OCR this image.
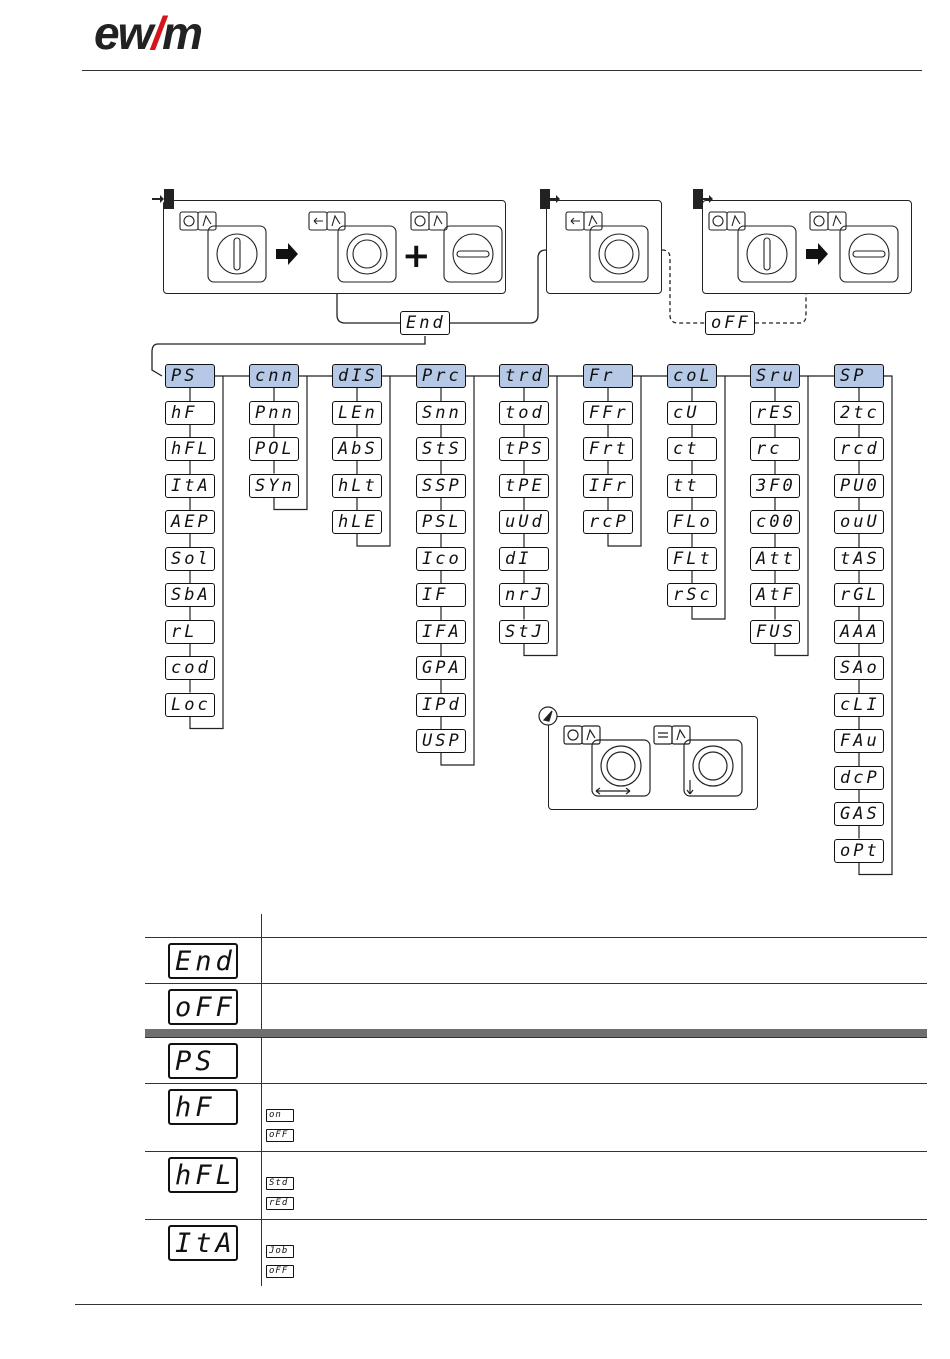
ew/m
+
End	oFF
PS
hF
hFL
ItA
AEP
Sol
SbA
rL
cod
Loc
cnn
Pnn
POL
SYn
dIS
LEn
AbS
hLt
hLE
Prc
Snn
StS
SSP
PSL
Ico
IF
IFA
GPA
IPd
USP
trd
tod
tPS
tPE
uUd
dI
nrJ
StJ
Fr
FFr
Frt
IFr
rcP
coL
cU
ct
tt
FLo
FLt
rSc
Sru
rES
rc
3F0
c00
Att
AtF
FUS
SP
2tc
rcd
PU0
ouU
tAS
rGL
AAA
SAo
cLI
FAu
dcP
GAS
oPt
End
oFF
PS
hF	on
oFF
hFL	Std
rEd
ItA	Job
oFF
